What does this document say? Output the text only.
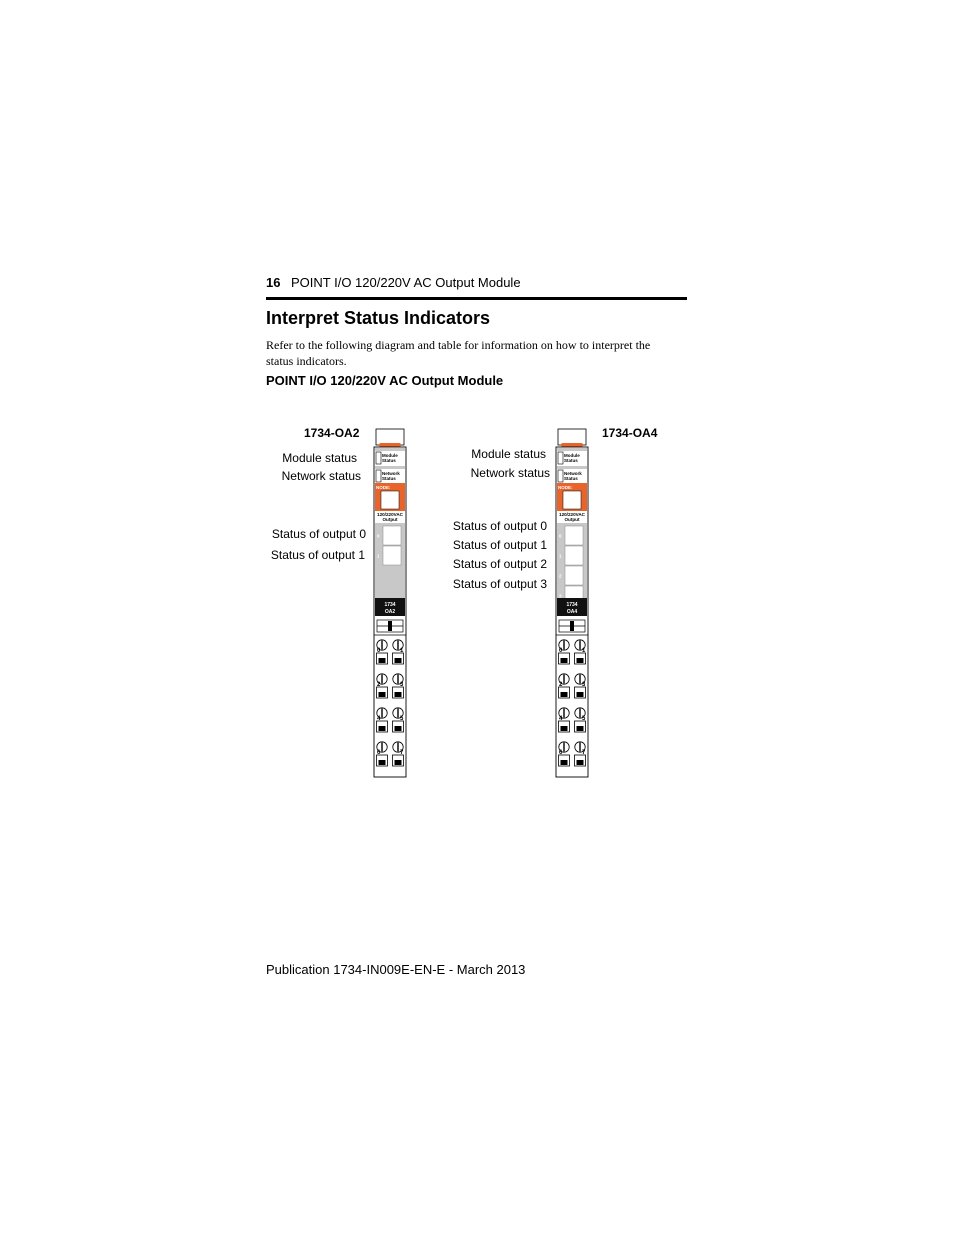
16 POINT I/O 120/220V AC Output Module
Interpret Status Indicators
Refer to the following diagram and table for information on how to interpret the status indicators.
POINT I/O 120/220V AC Output Module
1734-OA2
Module status
Network status
Status of output 0
Status of output 1
1734-OA4
Module status
Network status
Status of output 0
Status of output 1
Status of output 2
Status of output 3
Module
Status
Network
Status
NODE:
120/220VAC
Output
0
1
1734
OA2
0	1
2	3
4	5
6	7
Module
Status
Network
Status
NODE:
120/220VAC
Output
0
1
2
3
1734
OA4
0	1
2	3
4	5
6	7
Publication 1734-IN009E-EN-E - March 2013
